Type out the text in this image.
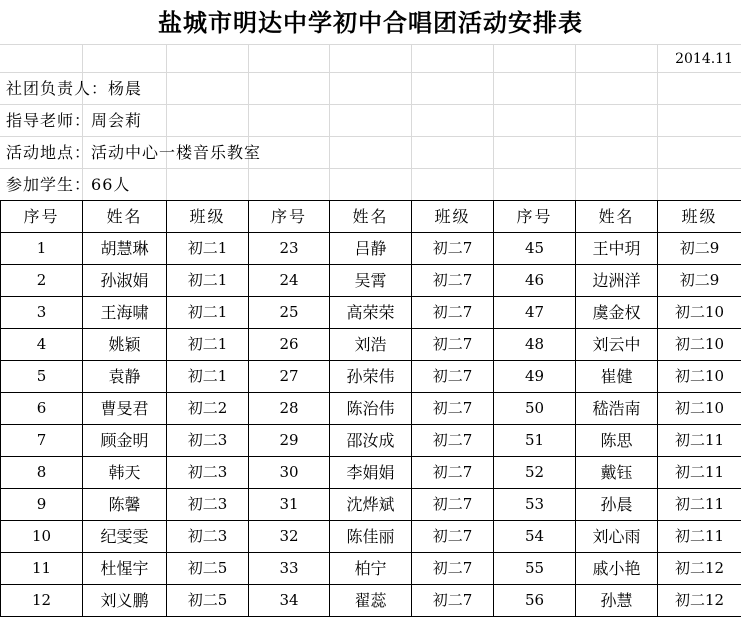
盐城市明达中学初中合唱团活动安排表
2014.11
社团负责人：杨晨
指导老师：周会莉
活动地点：活动中心一楼音乐教室
参加学生：66人
序号	姓名	班级	序号	姓名	班级	序号	姓名	班级
1	胡慧琳	初二1	23	吕静	初二7	45	王中玥	初二9
2	孙淑娟	初二1	24	吴霄	初二7	46	边洲洋	初二9
3	王海啸	初二1	25	高荣荣	初二7	47	虞金权	初二10
4	姚颖	初二1	26	刘浩	初二7	48	刘云中	初二10
5	袁静	初二1	27	孙荣伟	初二7	49	崔健	初二10
6	曹旻君	初二2	28	陈治伟	初二7	50	嵇浩南	初二10
7	顾金明	初二3	29	邵汝成	初二7	51	陈思	初二11
8	韩天	初二3	30	李娟娟	初二7	52	戴钰	初二11
9	陈馨	初二3	31	沈烨斌	初二7	53	孙晨	初二11
10	纪雯雯	初二3	32	陈佳丽	初二7	54	刘心雨	初二11
11	杜惺宇	初二5	33	柏宁	初二7	55	戚小艳	初二12
12	刘义鹏	初二5	34	翟蕊	初二7	56	孙慧	初二12
